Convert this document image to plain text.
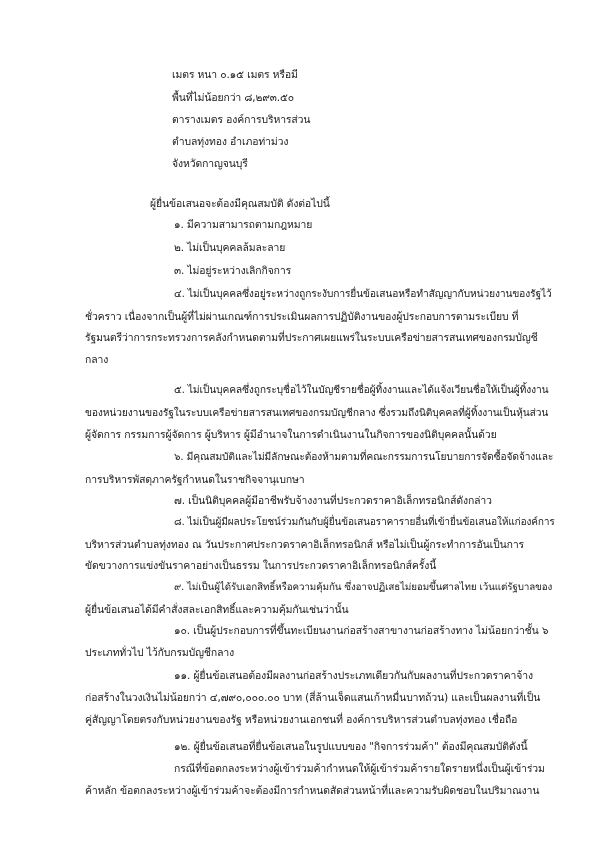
เมตร หนา ๐.๑๕ เมตร หรือมี
พื้นที่ไม่น้อยกว่า ๘,๒๙๓.๕๐
ตารางเมตร องค์การบริหารส่วน
ตำบลทุ่งทอง อำเภอท่าม่วง
จังหวัดกาญจนบุรี
ผู้ยื่นข้อเสนอจะต้องมีคุณสมบัติ ดังต่อไปนี้
๑. มีความสามารถตามกฎหมาย
๒. ไม่เป็นบุคคลล้มละลาย
๓. ไม่อยู่ระหว่างเลิกกิจการ
๔. ไม่เป็นบุคคลซึ่งอยู่ระหว่างถูกระงับการยื่นข้อเสนอหรือทำสัญญากับหน่วยงานของรัฐไว้
ชั่วคราว เนื่องจากเป็นผู้ที่ไม่ผ่านเกณฑ์การประเมินผลการปฏิบัติงานของผู้ประกอบการตามระเบียบ ที่
รัฐมนตรีว่าการกระทรวงการคลังกำหนดตามที่ประกาศเผยแพร่ในระบบเครือข่ายสารสนเทศของกรมบัญชี
กลาง
๕. ไม่เป็นบุคคลซึ่งถูกระบุชื่อไว้ในบัญชีรายชื่อผู้ทิ้งงานและได้แจ้งเวียนชื่อให้เป็นผู้ทิ้งงาน
ของหน่วยงานของรัฐในระบบเครือข่ายสารสนเทศของกรมบัญชีกลาง ซึ่งรวมถึงนิติบุคคลที่ผู้ทิ้งงานเป็นหุ้นส่วน
ผู้จัดการ กรรมการผู้จัดการ ผู้บริหาร ผู้มีอำนาจในการดำเนินงานในกิจการของนิติบุคคลนั้นด้วย
๖. มีคุณสมบัติและไม่มีลักษณะต้องห้ามตามที่คณะกรรมการนโยบายการจัดซื้อจัดจ้างและ
การบริหารพัสดุภาครัฐกำหนดในราชกิจจานุเบกษา
๗. เป็นนิติบุคคลผู้มีอาชีพรับจ้างงานที่ประกวดราคาอิเล็กทรอนิกส์ดังกล่าว
๘. ไม่เป็นผู้มีผลประโยชน์ร่วมกันกับผู้ยื่นข้อเสนอราคารายอื่นที่เข้ายื่นข้อเสนอให้แก่องค์การ
บริหารส่วนตำบลทุ่งทอง ณ วันประกาศประกวดราคาอิเล็กทรอนิกส์ หรือไม่เป็นผู้กระทำการอันเป็นการ
ขัดขวางการแข่งขันราคาอย่างเป็นธรรม ในการประกวดราคาอิเล็กทรอนิกส์ครั้งนี้
๙. ไม่เป็นผู้ได้รับเอกสิทธิ์หรือความคุ้มกัน ซึ่งอาจปฏิเสธไม่ยอมขึ้นศาลไทย เว้นแต่รัฐบาลของ
ผู้ยื่นข้อเสนอได้มีคำสั่งสละเอกสิทธิ์และความคุ้มกันเช่นว่านั้น
๑๐. เป็นผู้ประกอบการที่ขึ้นทะเบียนงานก่อสร้างสาขางานก่อสร้างทาง ไม่น้อยกว่าชั้น ๖
ประเภททั่วไป ไว้กับกรมบัญชีกลาง
๑๑. ผู้ยื่นข้อเสนอต้องมีผลงานก่อสร้างประเภทเดียวกันกับผลงานที่ประกวดราคาจ้าง
ก่อสร้างในวงเงินไม่น้อยกว่า ๔,๗๙๐,๐๐๐.๐๐ บาท (สี่ล้านเจ็ดแสนเก้าหมื่นบาทถ้วน) และเป็นผลงานที่เป็น
คู่สัญญาโดยตรงกับหน่วยงานของรัฐ หรือหน่วยงานเอกชนที่ องค์การบริหารส่วนตำบลทุ่งทอง เชื่อถือ
๑๒. ผู้ยื่นข้อเสนอที่ยื่นข้อเสนอในรูปแบบของ "กิจการร่วมค้า" ต้องมีคุณสมบัติดังนี้
กรณีที่ข้อตกลงระหว่างผู้เข้าร่วมค้ากำหนดให้ผู้เข้าร่วมค้ารายใดรายหนึ่งเป็นผู้เข้าร่วม
ค้าหลัก ข้อตกลงระหว่างผู้เข้าร่วมค้าจะต้องมีการกำหนดสัดส่วนหน้าที่และความรับผิดชอบในปริมาณงาน
